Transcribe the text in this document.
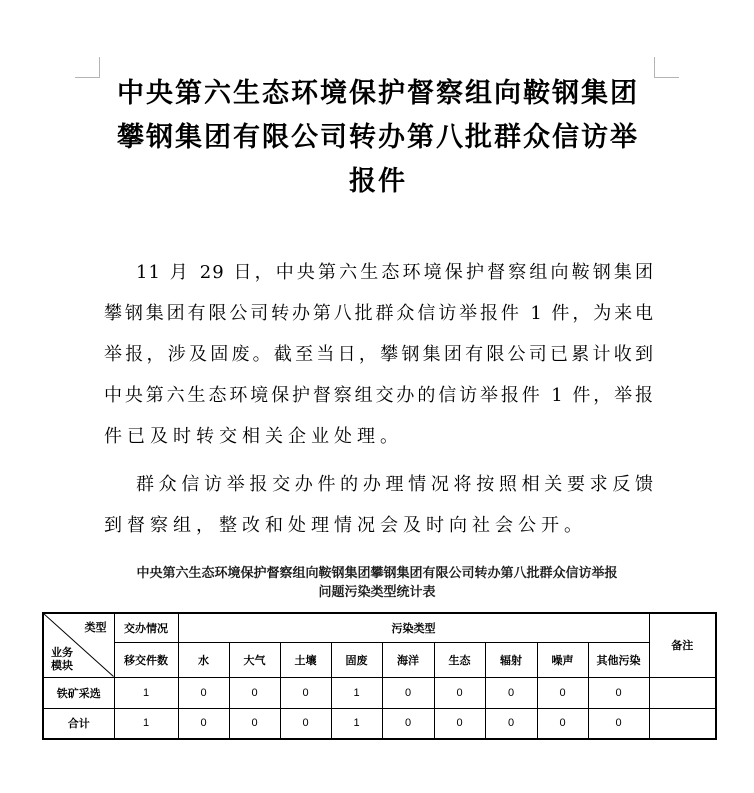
中央第六生态环境保护督察组向鞍钢集团
攀钢集团有限公司转办第八批群众信访举
报件
11 月 29 日，中央第六生态环境保护督察组向鞍钢集团
攀钢集团有限公司转办第八批群众信访举报件 1 件，为来电
举报，涉及固废。截至当日，攀钢集团有限公司已累计收到
中央第六生态环境保护督察组交办的信访举报件 1 件，举报
件已及时转交相关企业处理。
群众信访举报交办件的办理情况将按照相关要求反馈
到督察组，整改和处理情况会及时向社会公开。
中央第六生态环境保护督察组向鞍钢集团攀钢集团有限公司转办第八批群众信访举报
问题污染类型统计表
类型
业务
模块	交办情况	污染类型									备注
	移交件数	水	大气	土壤	固废	海洋	生态	辐射	噪声	其他污染	
铁矿采选	1	0	0	0	1	0	0	0	0	0	
合计	1	0	0	0	1	0	0	0	0	0	
